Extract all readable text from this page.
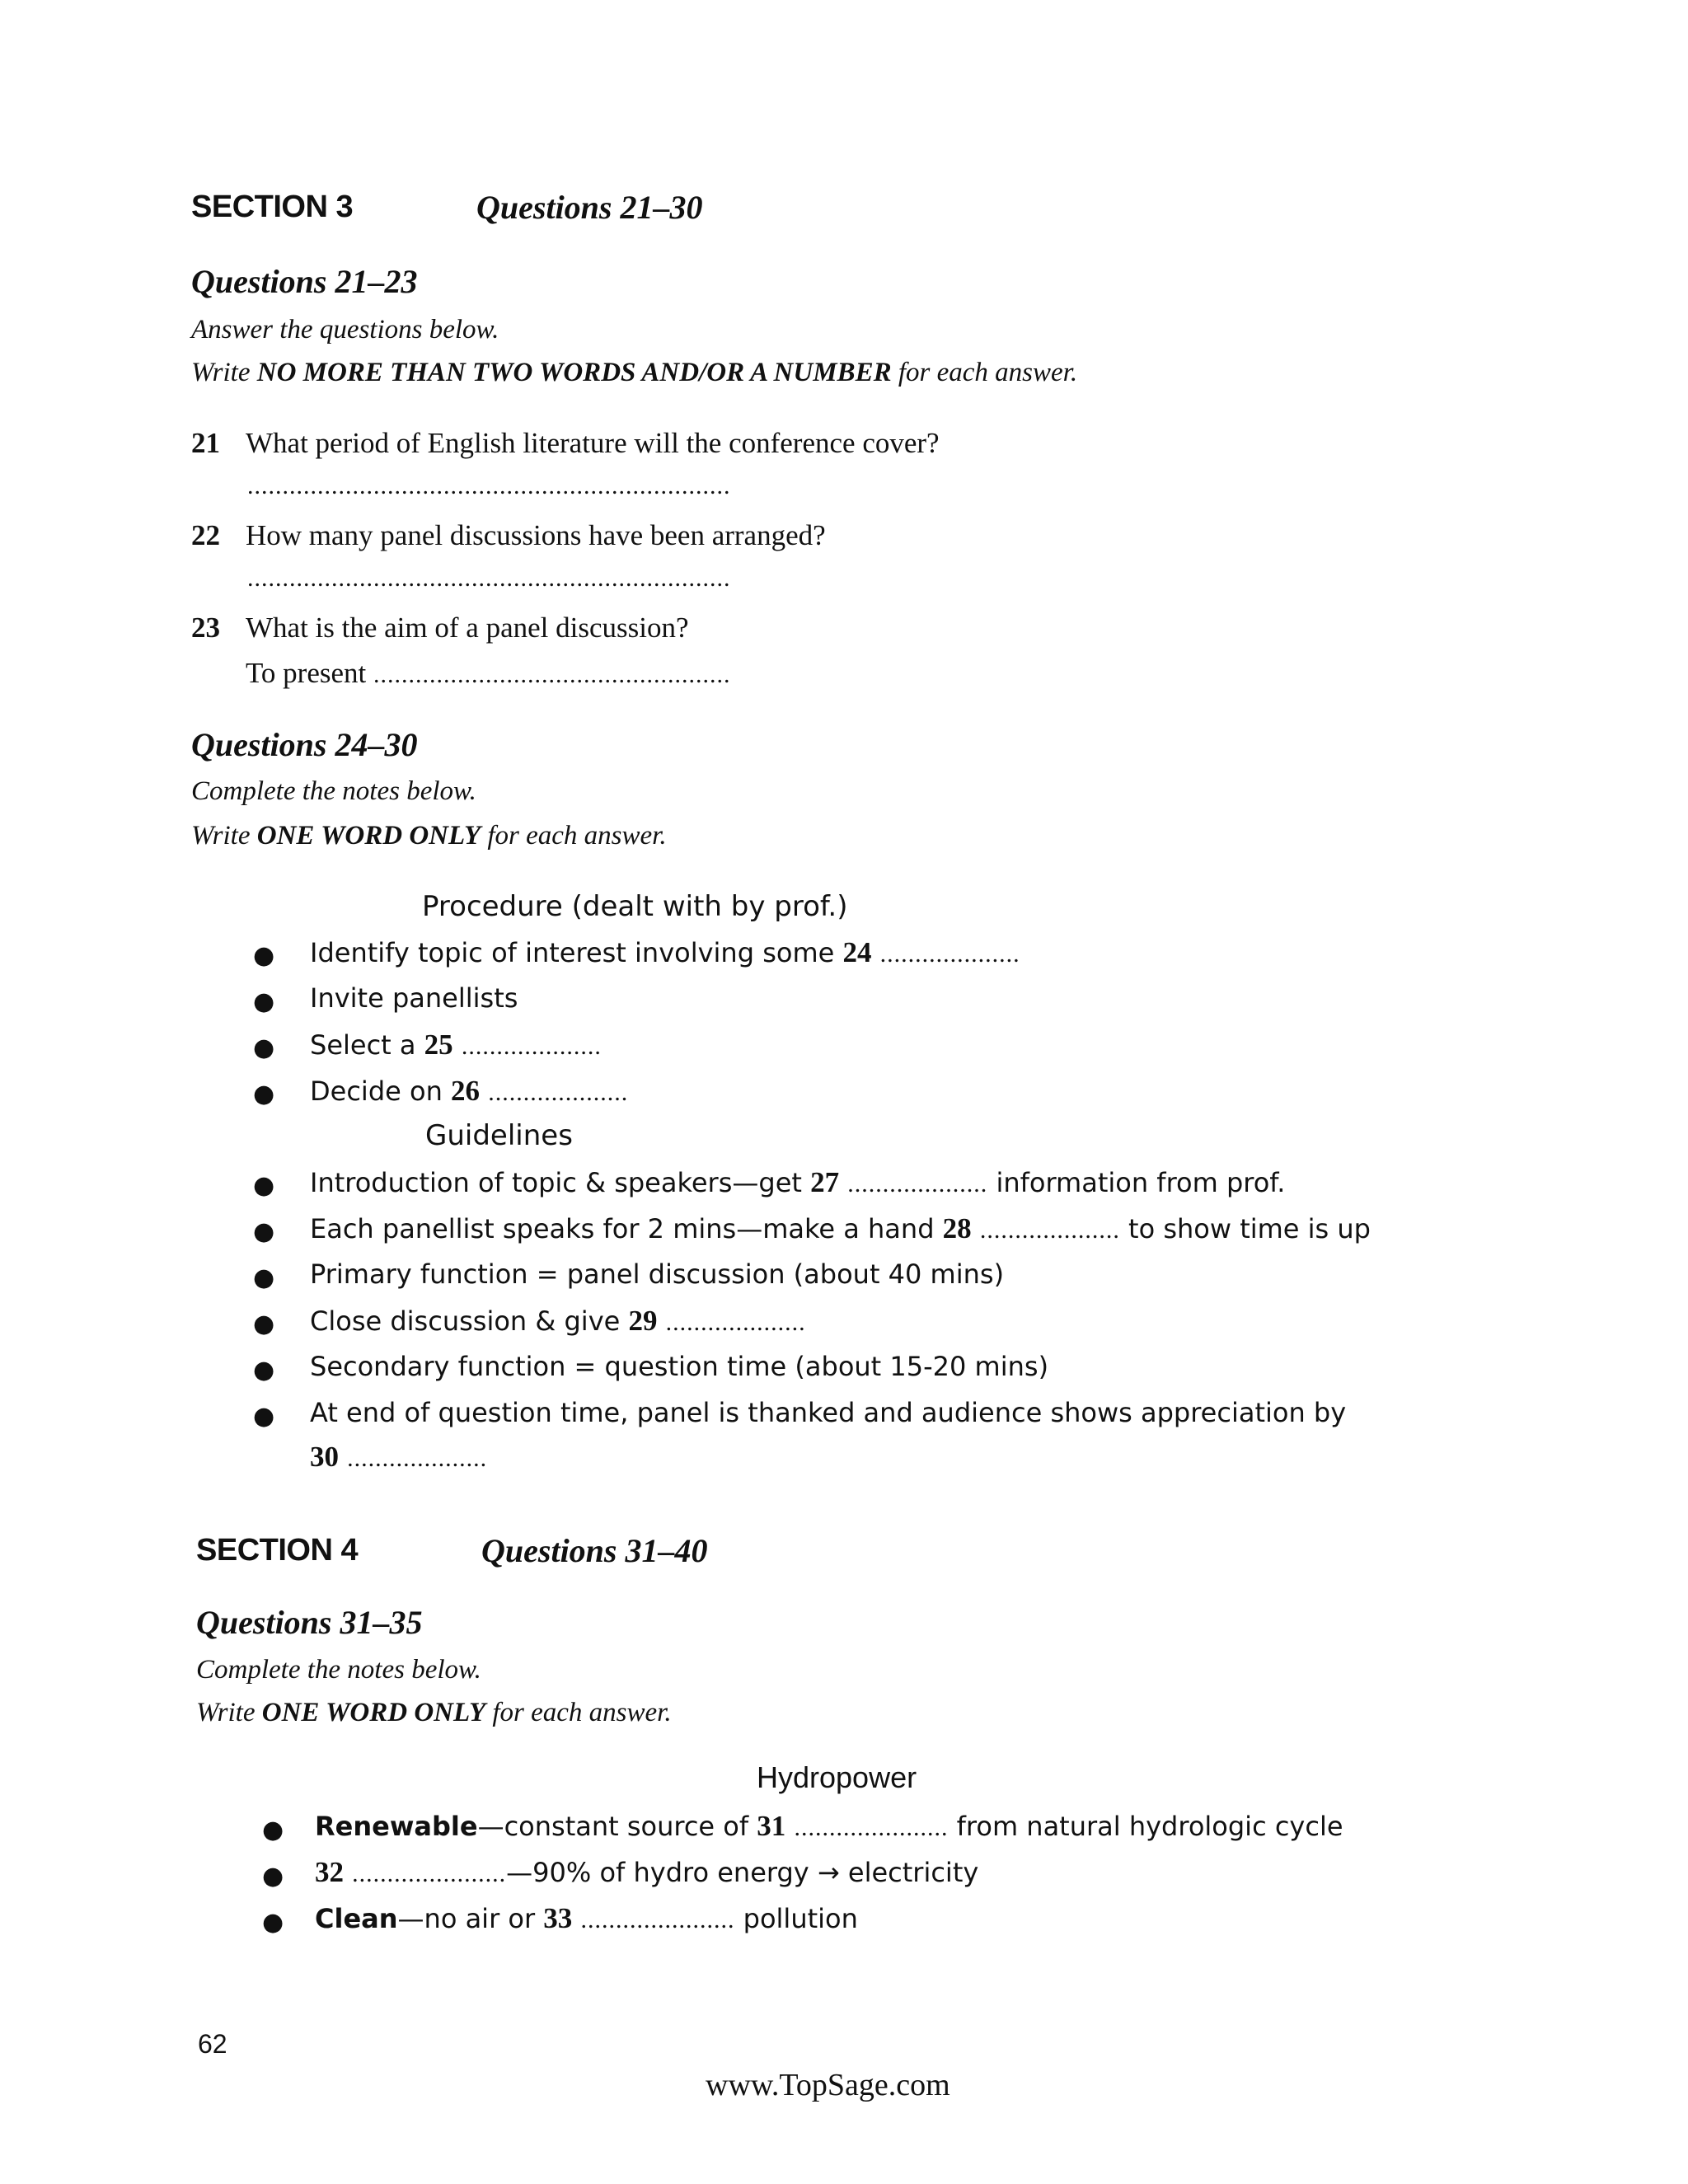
SECTION 3	Questions 21–30
Questions 21–23
Answer the questions below.
Write NO MORE THAN TWO WORDS AND/OR A NUMBER for each answer.
21 What period of English literature will the conference cover?
.....................................................................
22 How many panel discussions have been arranged?
.....................................................................
23 What is the aim of a panel discussion?
To present ...................................................
Questions 24–30
Complete the notes below.
Write ONE WORD ONLY for each answer.
Procedure (dealt with by prof.)
● Identify topic of interest involving some 24 ....................
● Invite panellists
● Select a 25 ....................
● Decide on 26 ....................
Guidelines
● Introduction of topic & speakers—get 27 .................... information from prof.
● Each panellist speaks for 2 mins—make a hand 28 .................... to show time is up
● Primary function = panel discussion (about 40 mins)
● Close discussion & give 29 ....................
● Secondary function = question time (about 15-20 mins)
● At end of question time, panel is thanked and audience shows appreciation by
30 ....................
SECTION 4	Questions 31–40
Questions 31–35
Complete the notes below.
Write ONE WORD ONLY for each answer.
Hydropower
● Renewable—constant source of 31 ...................... from natural hydrologic cycle
● 32 ......................—90% of hydro energy → electricity
● Clean—no air or 33 ...................... pollution
62
www.TopSage.com
